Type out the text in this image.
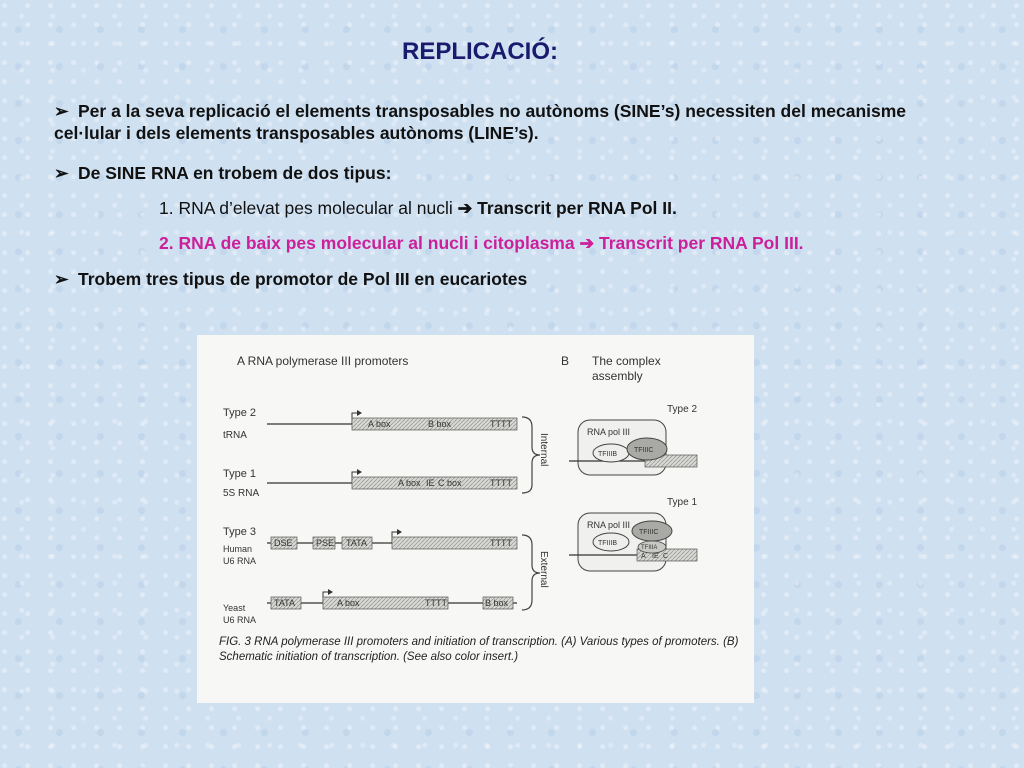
REPLICACIÓ:
➢ Per a la seva replicació el elements transposables no autònoms (SINE’s) necessiten del mecanisme cel·lular i dels elements transposables autònoms (LINE’s).
➢ De SINE RNA en trobem de dos tipus:
1. RNA d’elevat pes molecular al nucli ➔ Transcrit per RNA Pol II.
2. RNA de baix pes molecular al nucli i citoplasma ➔ Transcrit per RNA Pol III.
➢ Trobem tres tipus de promotor de Pol III en eucariotes
A RNA polymerase III promoters	B The complex
assembly
Type 2
tRNA
A box	B box	TTTT
Type 1
5S RNA
A box IE C box	TTTT
Internal
Type 3
Human
U6 RNA
DSE	PSE TATA	TTTT
Yeast
U6 RNA
TATA	A box	TTTT	B box
External
Type 2
RNA pol III
TFIIIB
TFIIIC
Type 1
RNA pol III
A IE C
TFIIIB
TFIIIC
TFIIIA
FIG. 3 RNA polymerase III promoters and initiation of transcription. (A) Various types of promoters. (B) Schematic initiation of transcription. (See also color insert.)
